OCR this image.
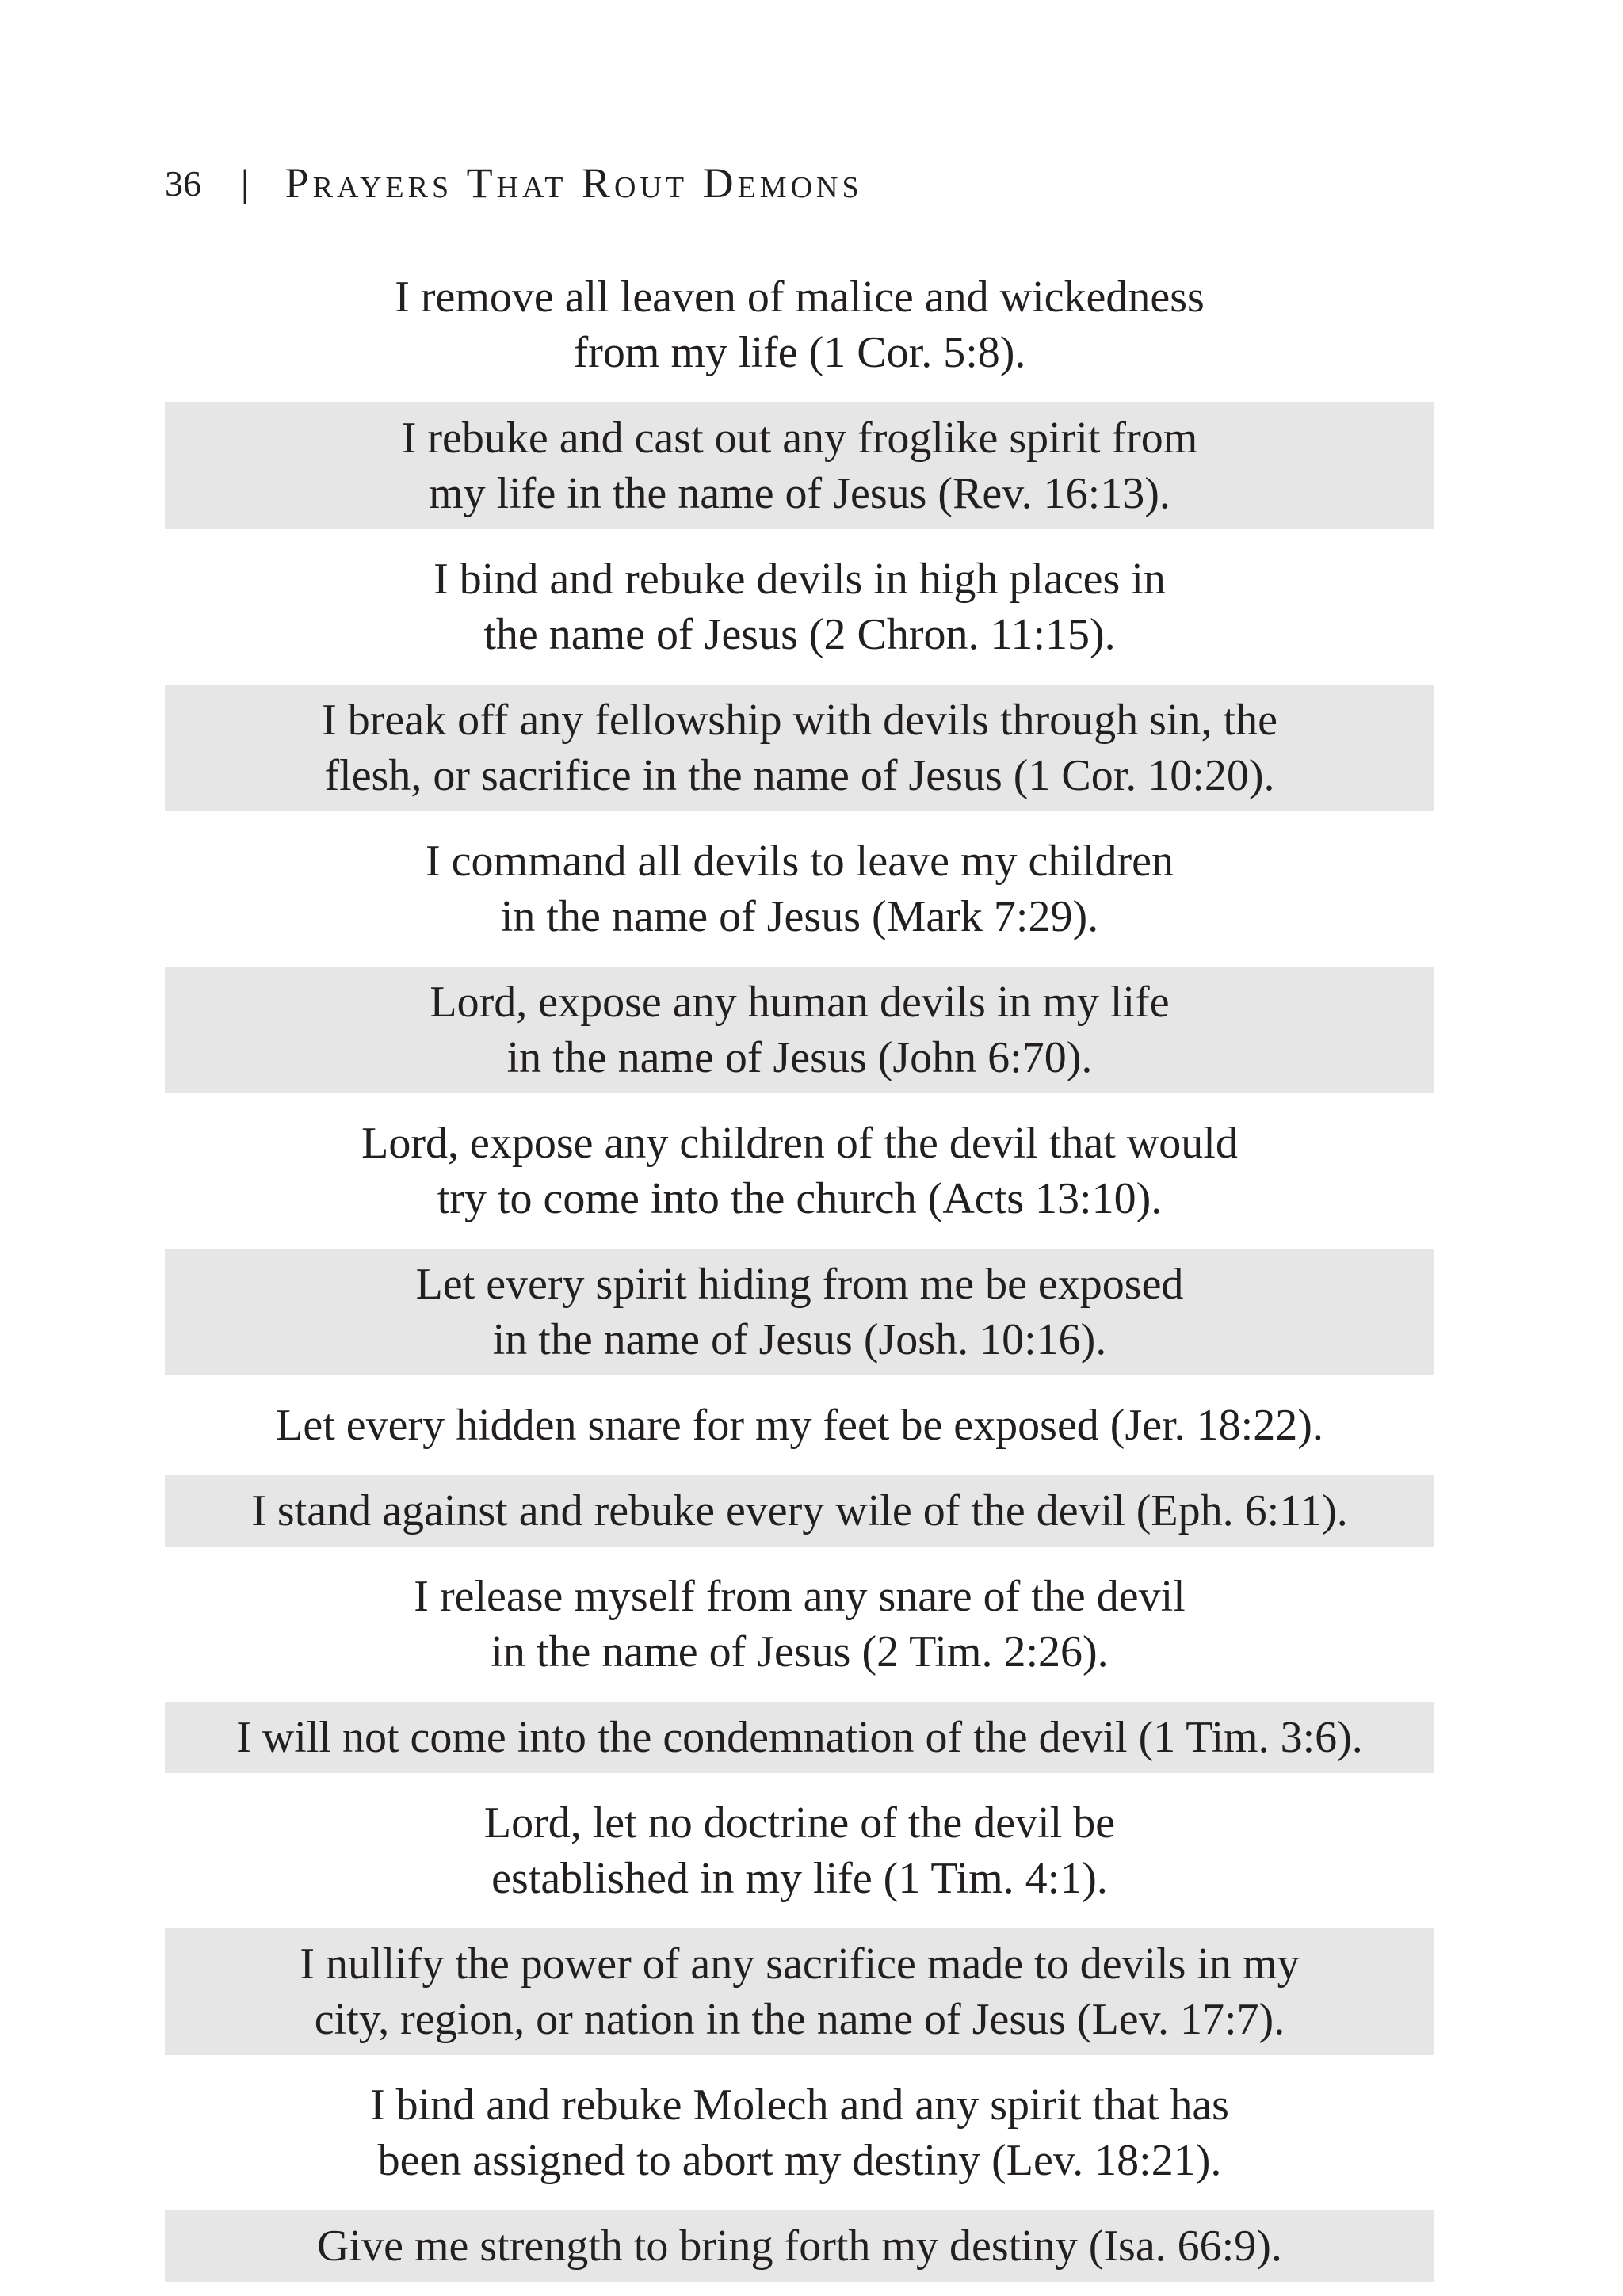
36 | Prayers That Rout Demons
I remove all leaven of malice and wickedness
from my life (1 Cor. 5:8).
I rebuke and cast out any froglike spirit from
my life in the name of Jesus (Rev. 16:13).
I bind and rebuke devils in high places in
the name of Jesus (2 Chron. 11:15).
I break off any fellowship with devils through sin, the
flesh, or sacrifice in the name of Jesus (1 Cor. 10:20).
I command all devils to leave my children
in the name of Jesus (Mark 7:29).
Lord, expose any human devils in my life
in the name of Jesus (John 6:70).
Lord, expose any children of the devil that would
try to come into the church (Acts 13:10).
Let every spirit hiding from me be exposed
in the name of Jesus (Josh. 10:16).
Let every hidden snare for my feet be exposed (Jer. 18:22).
I stand against and rebuke every wile of the devil (Eph. 6:11).
I release myself from any snare of the devil
in the name of Jesus (2 Tim. 2:26).
I will not come into the condemnation of the devil (1 Tim. 3:6).
Lord, let no doctrine of the devil be
established in my life (1 Tim. 4:1).
I nullify the power of any sacrifice made to devils in my
city, region, or nation in the name of Jesus (Lev. 17:7).
I bind and rebuke Molech and any spirit that has
been assigned to abort my destiny (Lev. 18:21).
Give me strength to bring forth my destiny (Isa. 66:9).
